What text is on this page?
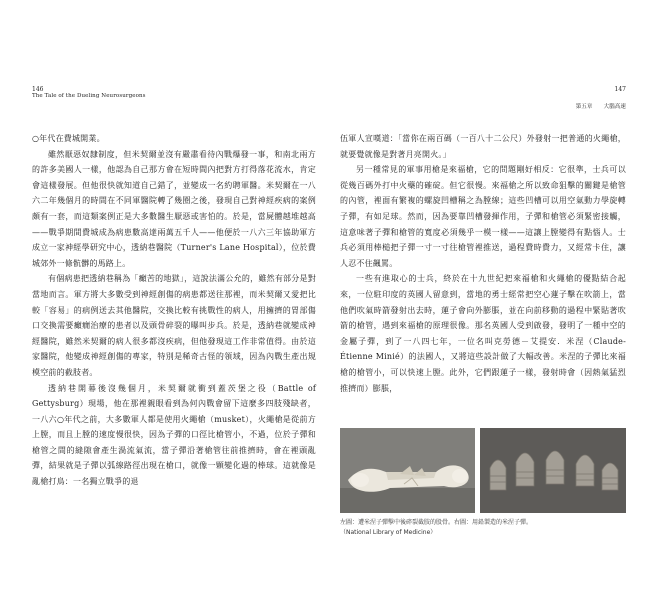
146
The Tale of the Dueling Neurosurgeons

○年代在費城開業。

雖然厭惡奴隸制度，但米契爾並沒有嚴肅看待內戰爆發一事，和南北兩方的許多美國人一樣，他認為自己那方會在短時間內把對方打得落花流水，肯定會這樣發展。但他很快就知道自己錯了，並變成一名約聘軍醫。米契爾在一八六二年幾個月的時間在不同軍醫院轉了幾圈之後，發現自己對神經疾病的案例頗有一套，而這類案例正是大多數醫生厭惡或害怕的。於是，當屍體越堆越高——戰爭期間費城成為病患數高達兩萬五千人——他便於一八六三年協助軍方成立一家神經學研究中心，透納巷醫院（Turner's Lane Hospital），位於費城郊外一條骯髒的馬路上。

有個病患把透納巷稱為「癲苦的地獄」，這說法滿公允的，雖然有部分是對當地而言。軍方將大多數受到神經創傷的病患都送往那裡，而米契爾又愛把比較「容易」的病例送去其他醫院，交換比較有挑戰性的病人，用擁擠的胃部傷口交換需要癲癇治療的患者以及頭骨碎裂的曝叫步兵。於是，透納巷就變成神經醫院，雖然米契爾的病人很多都沒疾病，但他發現這工作非常值得。由於這家醫院，他變成神經創傷的專家，特別是稀奇古怪的領域，因為內戰生產出規模空前的截肢者。

透納巷開幕後沒幾個月，米契爾就衝到蓋茨堡之役（Battle of Gettysburg）現場，他在那裡親眼看到為何內戰會留下這麼多四肢殘缺者，一八六○年代之前，大多數軍人都是使用火繩槍（musket），火繩槍是從前方上膛，而且上膛的速度慢很快，因為子彈的口徑比槍管小，不過，位於子彈和槍管之間的縫隙會產生渦流氣流，當子彈沿著槍管往前推擠時，會在裡頭亂彈，結果就是子彈以弧線路徑出現在槍口，就像一顆變化過的棒球。這就像是亂槍打鳥：一名獨立戰爭的退

147
第五章 大腦高速

伍軍人宣嘆道：「當你在兩百碼（一百八十二公尺）外發射一把普通的火繩槍，就要覺就像是對著月亮開火。」

另一種常見的軍事用槍是來福槍，它的問題剛好相反：它很準，士兵可以從幾百碼外打中火藥的確碇。但它很慢。來福槍之所以致命狙擊的關鍵是槍管的內管，裡面有繁複的螺旋凹槽稱之為膛線；這些凹槽可以用空氣動力學旋轉子彈，有如足球。然而，因為要靠凹槽發揮作用，子彈和槍管必須緊密接觸，這意味著子彈和槍管的寬度必須幾乎一模一樣——這讓上膛變得有點惱人。士兵必須用棒槌把子彈一寸一寸往槍管裡推送，過程費時費力，又經常卡住，讓人忍不住飆罵。

一些有進取心的士兵，終於在十九世紀把來福槍和火繩槍的優點結合起來，一位駐印度的英國人留意到，當地的勇士經常把空心蓮子擊在吹箭上，當他們吹氣時箭發射出去時，蓮子會向外膨脹，並在向前移動的過程中緊貼著吹箭的槍管，遇到來福槍的原理很像。那名英國人受到啟發，發明了一種中空的金屬子彈，到了一八四七年，一位名叫克勞德－艾提安．米涅（Claude-Étienne Minié）的法國人，又將這些設計做了大幅改善。米涅的子彈比來福槍的槍管小，可以快速上膛。此外，它們跟蓮子一樣，發射時會（因熱氣猛烈推擠而）膨脹，

左圖：遭米涅子彈擊中後碎裂截肢的股骨。右圖：用鉛製造的米涅子彈。
（National Library of Medicine）
